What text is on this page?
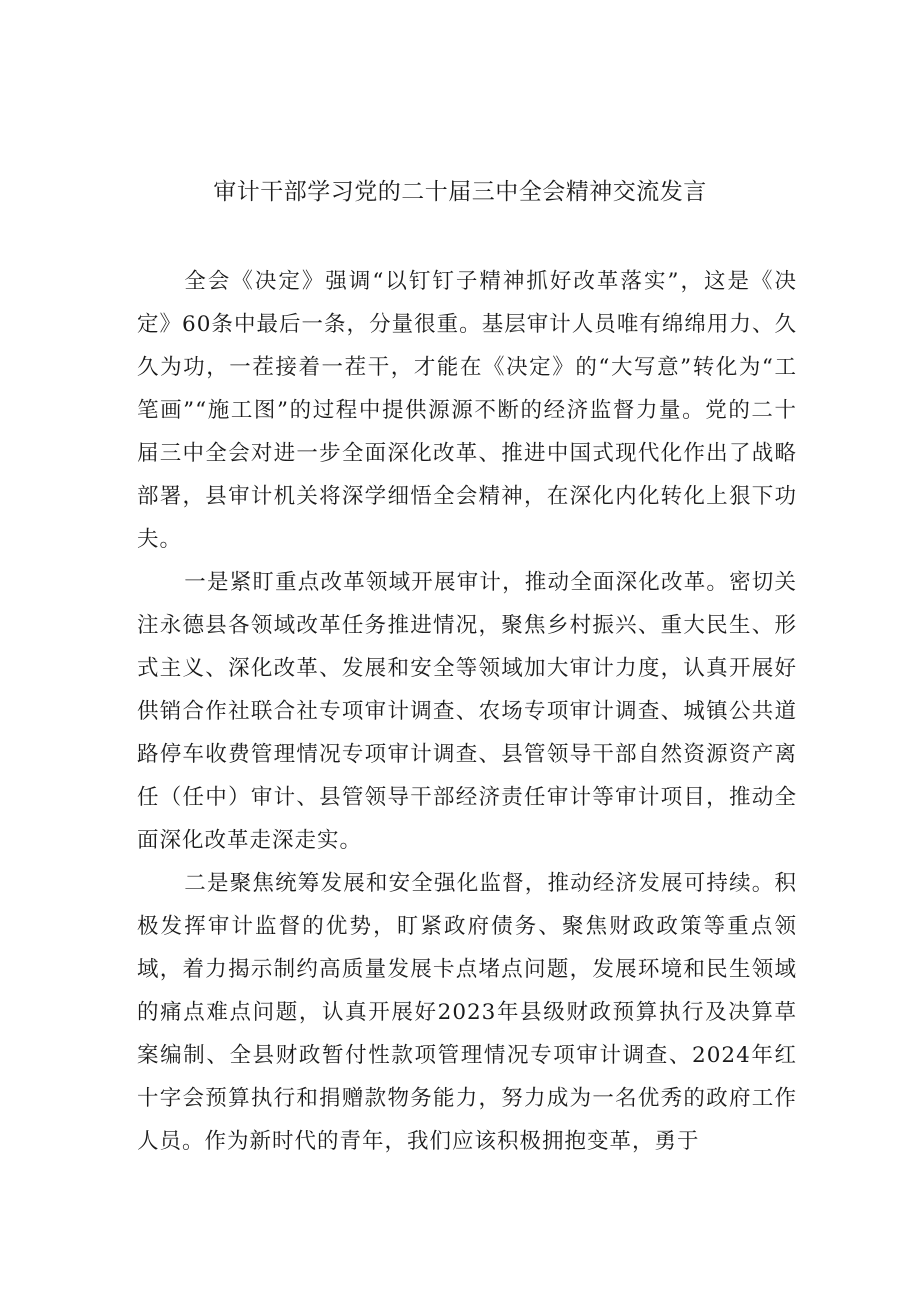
审计干部学习党的二十届三中全会精神交流发言

全会《决定》强调“以钉钉子精神抓好改革落实”，这是《决定》60条中最后一条，分量很重。基层审计人员唯有绵绵用力、久久为功，一茬接着一茬干，才能在《决定》的“大写意”转化为“工笔画”“施工图”的过程中提供源源不断的经济监督力量。党的二十届三中全会对进一步全面深化改革、推进中国式现代化作出了战略部署，县审计机关将深学细悟全会精神，在深化内化转化上狠下功夫。

一是紧盯重点改革领域开展审计，推动全面深化改革。密切关注永德县各领域改革任务推进情况，聚焦乡村振兴、重大民生、形式主义、深化改革、发展和安全等领域加大审计力度，认真开展好供销合作社联合社专项审计调查、农场专项审计调查、城镇公共道路停车收费管理情况专项审计调查、县管领导干部自然资源资产离任（任中）审计、县管领导干部经济责任审计等审计项目，推动全面深化改革走深走实。

二是聚焦统筹发展和安全强化监督，推动经济发展可持续。积极发挥审计监督的优势，盯紧政府债务、聚焦财政政策等重点领域，着力揭示制约高质量发展卡点堵点问题，发展环境和民生领域的痛点难点问题，认真开展好2023年县级财政预算执行及决算草案编制、全县财政暂付性款项管理情况专项审计调查、2024年红十字会预算执行和捐赠款物务能力，努力成为一名优秀的政府工作人员。作为新时代的青年，我们应该积极拥抱变革，勇于
